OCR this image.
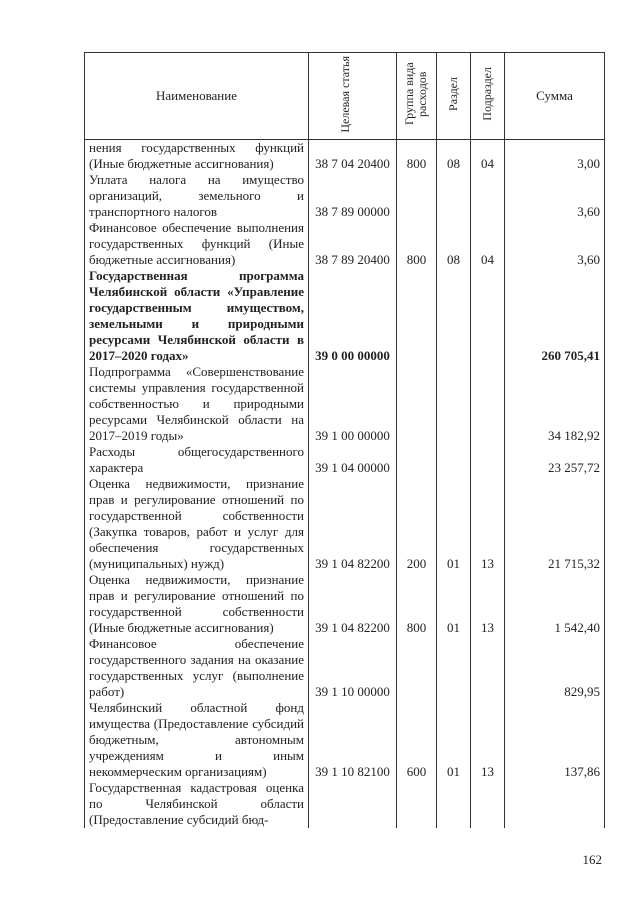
Наименование	Целевая статья	Группа вида расходов	Раздел	Подраздел	Сумма
нения государственных функций (Иные бюджетные ассигнования)	38 7 04 20400	800	08	04	3,00
Уплата налога на имущество организаций, земельного и транспортного налогов	38 7 89 00000				3,60
Финансовое обеспечение выполнения государственных функций (Иные бюджетные ассигнования)	38 7 89 20400	800	08	04	3,60
Государственная программа Челябинской области «Управление государственным имуществом, земельными и природными ресурсами Челябинской области в 2017–2020 годах»	39 0 00 00000				260 705,41
Подпрограмма «Совершенствование системы управления государственной собственностью и природными ресурсами Челябинской области на 2017–2019 годы»	39 1 00 00000				34 182,92
Расходы общегосударственного характера	39 1 04 00000				23 257,72
Оценка недвижимости, признание прав и регулирование отношений по государственной собственности (Закупка товаров, работ и услуг для обеспечения государственных (муниципальных) нужд)	39 1 04 82200	200	01	13	21 715,32
Оценка недвижимости, признание прав и регулирование отношений по государственной собственности (Иные бюджетные ассигнования)	39 1 04 82200	800	01	13	1 542,40
Финансовое обеспечение государственного задания на оказание государственных услуг (выполнение работ)	39 1 10 00000				829,95
Челябинский областной фонд имущества (Предоставление субсидий бюджетным, автономным учреждениям и иным некоммерческим организациям)	39 1 10 82100	600	01	13	137,86
Государственная кадастровая оценка по Челябинской области (Предоставление субсидий бюд-					
162
